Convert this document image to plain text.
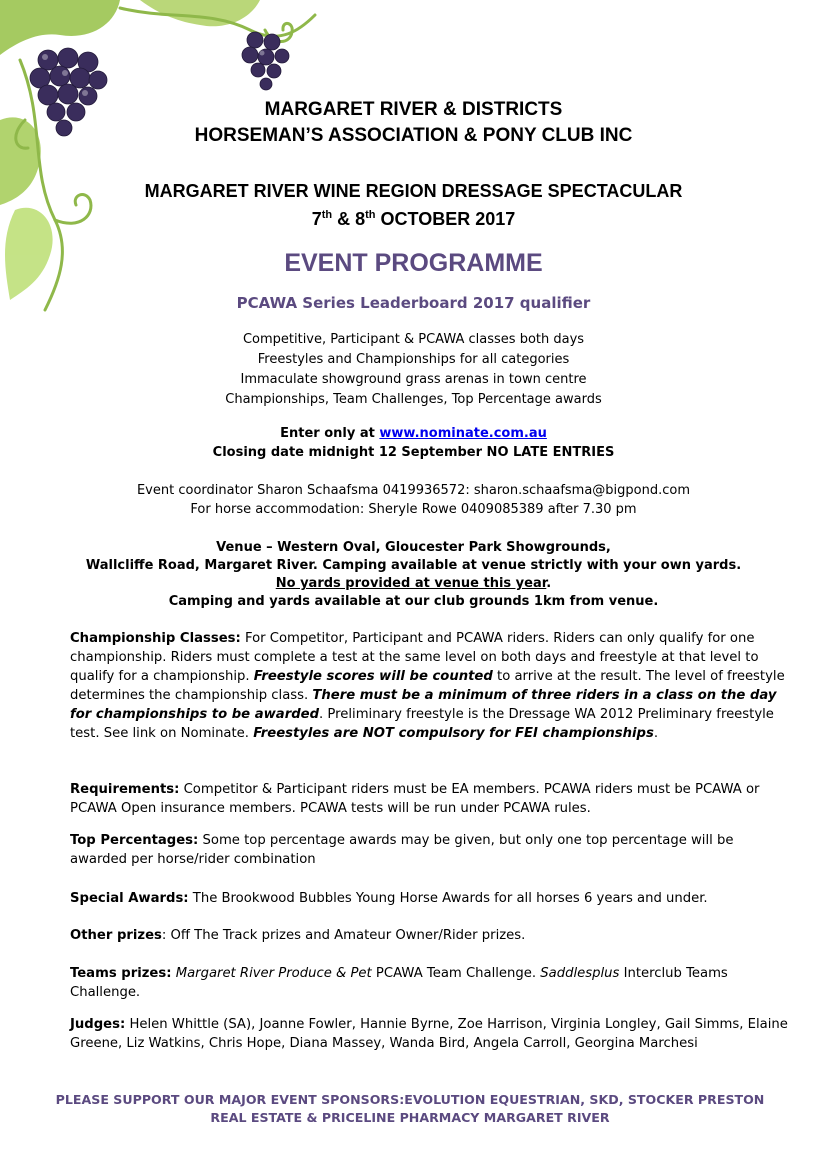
MARGARET RIVER & DISTRICTS
HORSEMAN’S ASSOCIATION & PONY CLUB INC
MARGARET RIVER WINE REGION DRESSAGE SPECTACULAR
7th & 8th OCTOBER 2017
EVENT PROGRAMME
PCAWA Series Leaderboard 2017 qualifier
Competitive, Participant & PCAWA classes both days
Freestyles and Championships for all categories
Immaculate showground grass arenas in town centre
Championships, Team Challenges, Top Percentage awards
Enter only at www.nominate.com.au
Closing date midnight 12 September NO LATE ENTRIES
Event coordinator Sharon Schaafsma 0419936572: sharon.schaafsma@bigpond.com
For horse accommodation: Sheryle Rowe 0409085389 after 7.30 pm
Venue – Western Oval, Gloucester Park Showgrounds,
Wallcliffe Road, Margaret River. Camping available at venue strictly with your own yards.
No yards provided at venue this year.
Camping and yards available at our club grounds 1km from venue.
Championship Classes: For Competitor, Participant and PCAWA riders. Riders can only qualify for one championship. Riders must complete a test at the same level on both days and freestyle at that level to qualify for a championship. Freestyle scores will be counted to arrive at the result. The level of freestyle determines the championship class. There must be a minimum of three riders in a class on the day for championships to be awarded. Preliminary freestyle is the Dressage WA 2012 Preliminary freestyle test. See link on Nominate. Freestyles are NOT compulsory for FEI championships.
Requirements: Competitor & Participant riders must be EA members. PCAWA riders must be PCAWA or PCAWA Open insurance members. PCAWA tests will be run under PCAWA rules.
Top Percentages: Some top percentage awards may be given, but only one top percentage will be awarded per horse/rider combination
Special Awards: The Brookwood Bubbles Young Horse Awards for all horses 6 years and under.
Other prizes: Off The Track prizes and Amateur Owner/Rider prizes.
Teams prizes: Margaret River Produce & Pet PCAWA Team Challenge. Saddlesplus Interclub Teams Challenge.
Judges: Helen Whittle (SA), Joanne Fowler, Hannie Byrne, Zoe Harrison, Virginia Longley, Gail Simms, Elaine Greene, Liz Watkins, Chris Hope, Diana Massey, Wanda Bird, Angela Carroll, Georgina Marchesi
PLEASE SUPPORT OUR MAJOR EVENT SPONSORS:EVOLUTION EQUESTRIAN, SKD, STOCKER PRESTON
REAL ESTATE & PRICELINE PHARMACY MARGARET RIVER
